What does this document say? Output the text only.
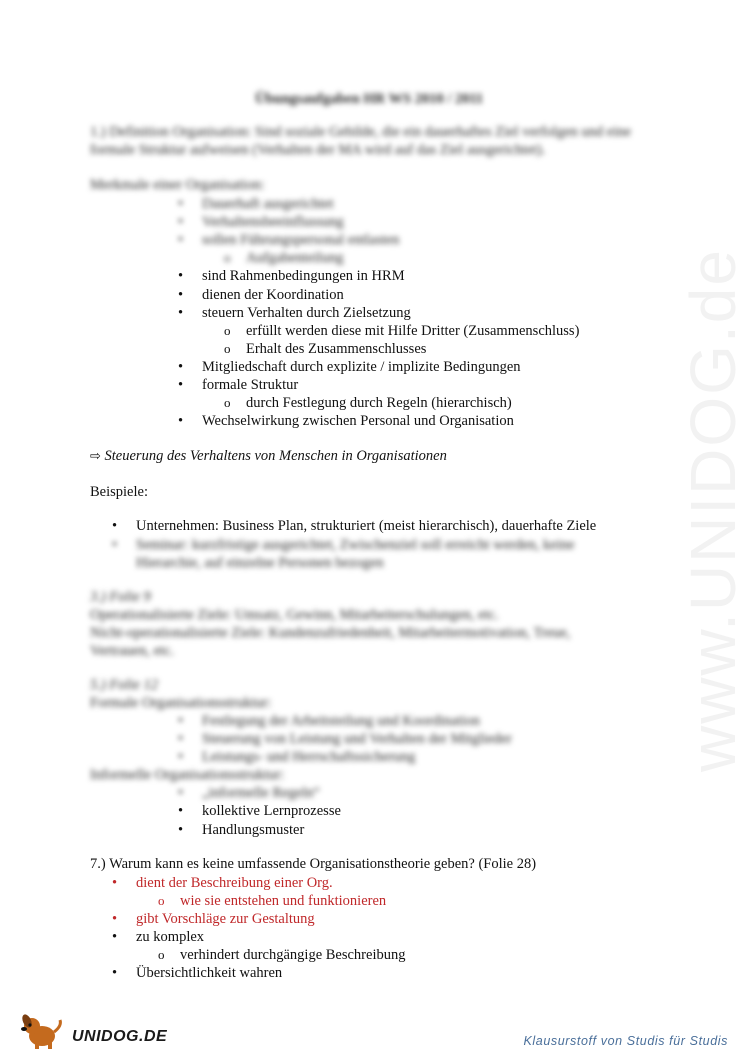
www.UNIDOG.de
Übungsaufgaben HR WS 2010 / 2011
1.) Definition Organisation: Sind soziale Gebilde, die ein dauerhaftes Ziel verfolgen und eine
formale Struktur aufweisen (Verhalten der MA wird auf das Ziel ausgerichtet).
Merkmale einer Organisation:
• Dauerhaft ausgerichtet
• Verhaltensbeeinflussung
• sollen Führungspersonal entlasten
o Aufgabenteilung
• sind Rahmenbedingungen in HRM
• dienen der Koordination
• steuern Verhalten durch Zielsetzung
o erfüllt werden diese mit Hilfe Dritter (Zusammenschluss)
o Erhalt des Zusammenschlusses
• Mitgliedschaft durch explizite / implizite Bedingungen
• formale Struktur
o durch Festlegung durch Regeln (hierarchisch)
• Wechselwirkung zwischen Personal und Organisation
⇨ Steuerung des Verhaltens von Menschen in Organisationen
Beispiele:
• Unternehmen: Business Plan, strukturiert (meist hierarchisch), dauerhafte Ziele
• Seminar: kurzfristige ausgerichtet, Zwischenziel soll erreicht werden, keine
Hierarchie, auf einzelne Personen bezogen
3.) Folie 9
Operationalisierte Ziele: Umsatz, Gewinn, Mitarbeiterschulungen, etc.
Nicht-operationalisierte Ziele: Kundenzufriedenheit, Mitarbeitermotivation, Treue,
Vertrauen, etc.
5.) Folie 12
Formale Organisationsstruktur:
• Festlegung der Arbeitsteilung und Koordination
• Steuerung von Leistung und Verhalten der Mitglieder
• Leistungs- und Herrschaftssicherung
Informelle Organisationsstruktur:
• „informelle Regeln“
• kollektive Lernprozesse
• Handlungsmuster
7.) Warum kann es keine umfassende Organisationstheorie geben? (Folie 28)
• dient der Beschreibung einer Org.
o wie sie entstehen und funktionieren
• gibt Vorschläge zur Gestaltung
• zu komplex
o verhindert durchgängige Beschreibung
• Übersichtlichkeit wahren
UNIDOG.DE	Klausurstoff von Studis für Studis
